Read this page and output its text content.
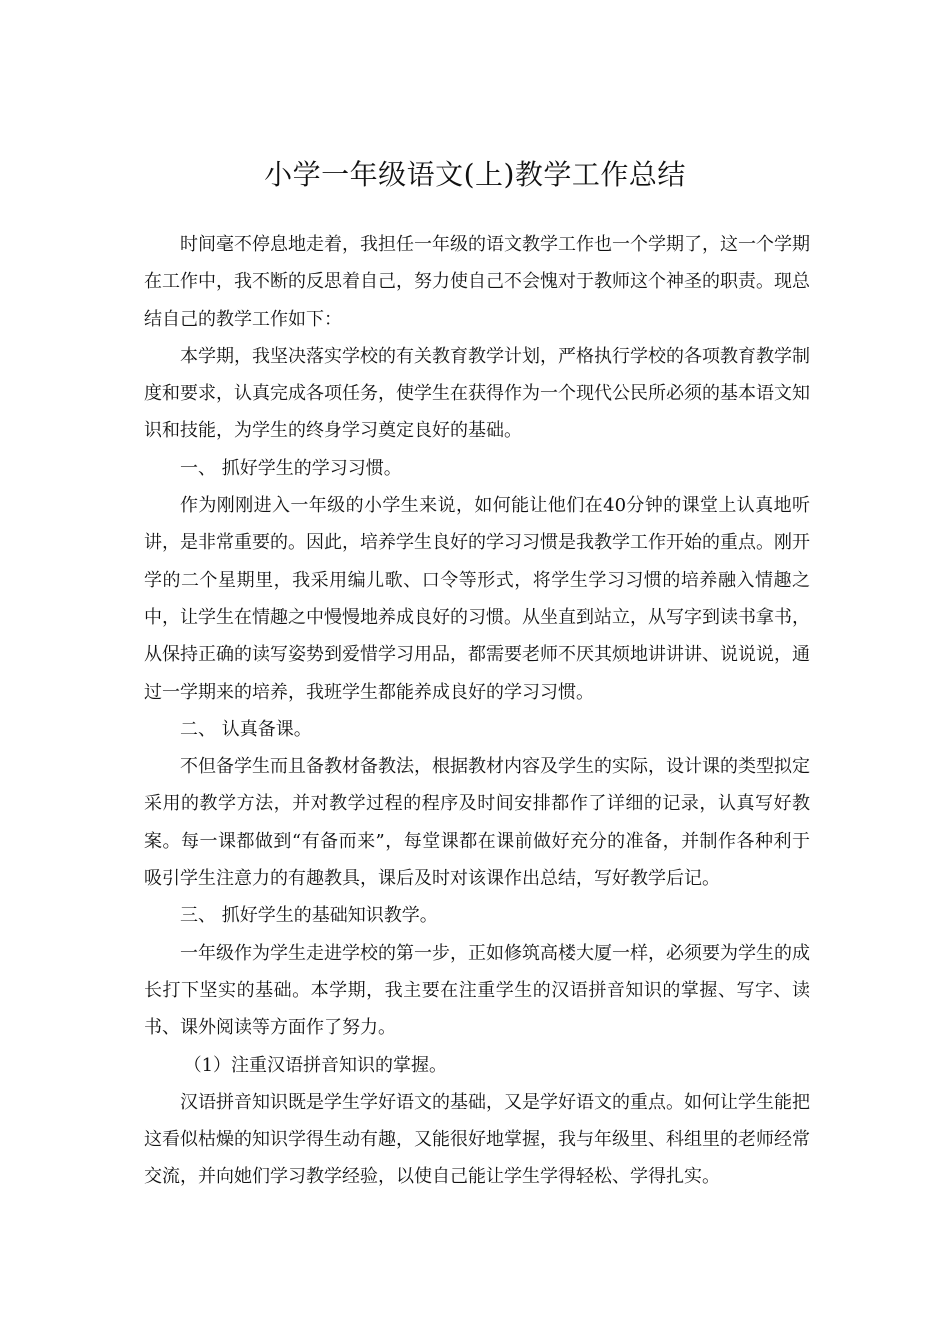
小学一年级语文(上)教学工作总结

时间毫不停息地走着，我担任一年级的语文教学工作也一个学期了，这一个学期在工作中，我不断的反思着自己，努力使自己不会愧对于教师这个神圣的职责。现总结自己的教学工作如下：

本学期，我坚决落实学校的有关教育教学计划，严格执行学校的各项教育教学制度和要求，认真完成各项任务，使学生在获得作为一个现代公民所必须的基本语文知识和技能，为学生的终身学习奠定良好的基础。

一、 抓好学生的学习习惯。

作为刚刚进入一年级的小学生来说，如何能让他们在40分钟的课堂上认真地听讲，是非常重要的。因此，培养学生良好的学习习惯是我教学工作开始的重点。刚开学的二个星期里，我采用编儿歌、口令等形式，将学生学习习惯的培养融入情趣之中，让学生在情趣之中慢慢地养成良好的习惯。从坐直到站立，从写字到读书拿书，从保持正确的读写姿势到爱惜学习用品，都需要老师不厌其烦地讲讲讲、说说说，通过一学期来的培养，我班学生都能养成良好的学习习惯。

二、 认真备课。

不但备学生而且备教材备教法，根据教材内容及学生的实际，设计课的类型拟定采用的教学方法，并对教学过程的程序及时间安排都作了详细的记录，认真写好教案。每一课都做到“有备而来”，每堂课都在课前做好充分的准备，并制作各种利于吸引学生注意力的有趣教具，课后及时对该课作出总结，写好教学后记。

三、 抓好学生的基础知识教学。

一年级作为学生走进学校的第一步，正如修筑高楼大厦一样，必须要为学生的成长打下坚实的基础。本学期，我主要在注重学生的汉语拼音知识的掌握、写字、读书、课外阅读等方面作了努力。

（1）注重汉语拼音知识的掌握。

汉语拼音知识既是学生学好语文的基础，又是学好语文的重点。如何让学生能把这看似枯燥的知识学得生动有趣，又能很好地掌握，我与年级里、科组里的老师经常交流，并向她们学习教学经验，以使自己能让学生学得轻松、学得扎实。
